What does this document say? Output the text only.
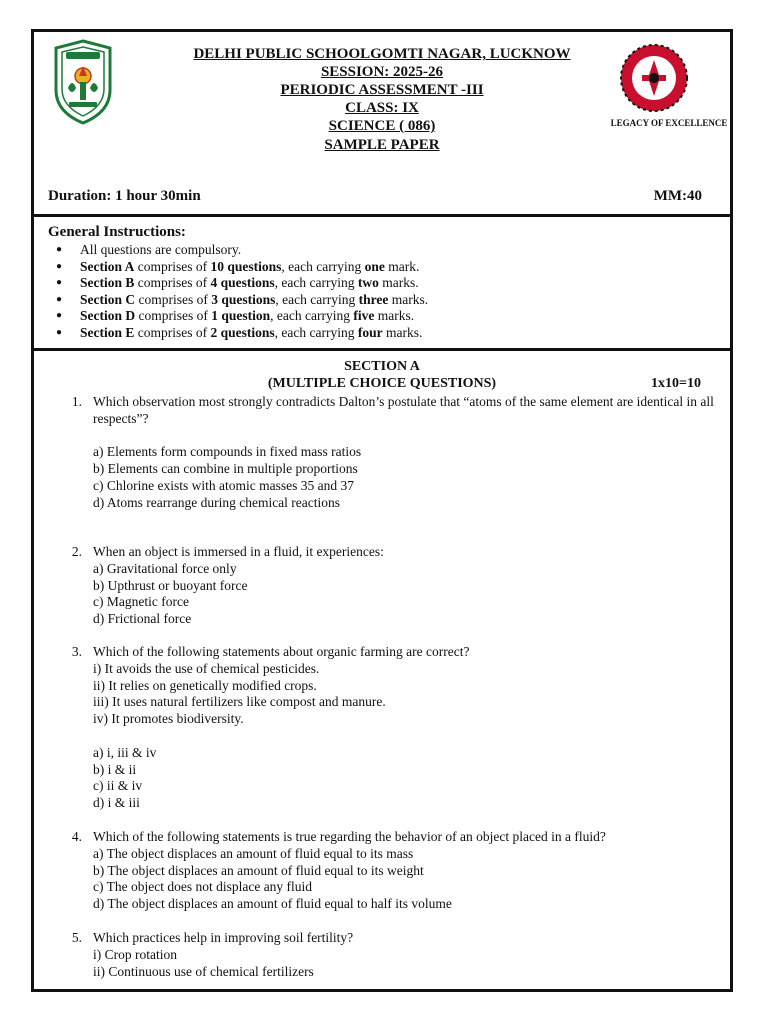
DELHI PUBLIC SCHOOLGOMTI NAGAR, LUCKNOW
SESSION: 2025-26
PERIODIC ASSESSMENT -III
CLASS: IX
SCIENCE ( 086)
SAMPLE PAPER
LEGACY OF EXCELLENCE
Duration: 1 hour 30min	MM:40
General Instructions:
● All questions are compulsory.
● Section A comprises of 10 questions, each carrying one mark.
● Section B comprises of 4 questions, each carrying two marks.
● Section C comprises of 3 questions, each carrying three marks.
● Section D comprises of 1 question, each carrying five marks.
● Section E comprises of 2 questions, each carrying four marks.
SECTION A
(MULTIPLE CHOICE QUESTIONS)	1x10=10
1. Which observation most strongly contradicts Dalton’s postulate that “atoms of the same element are identical in all respects”?
a) Elements form compounds in fixed mass ratios
b) Elements can combine in multiple proportions
c) Chlorine exists with atomic masses 35 and 37
d) Atoms rearrange during chemical reactions
2. When an object is immersed in a fluid, it experiences:
a) Gravitational force only
b) Upthrust or buoyant force
c) Magnetic force
d) Frictional force
3. Which of the following statements about organic farming are correct?
i) It avoids the use of chemical pesticides.
ii) It relies on genetically modified crops.
iii) It uses natural fertilizers like compost and manure.
iv) It promotes biodiversity.
a) i, iii & iv
b) i & ii
c) ii & iv
d) i & iii
4. Which of the following statements is true regarding the behavior of an object placed in a fluid?
a) The object displaces an amount of fluid equal to its mass
b) The object displaces an amount of fluid equal to its weight
c) The object does not displace any fluid
d) The object displaces an amount of fluid equal to half its volume
5. Which practices help in improving soil fertility?
i) Crop rotation
ii) Continuous use of chemical fertilizers
